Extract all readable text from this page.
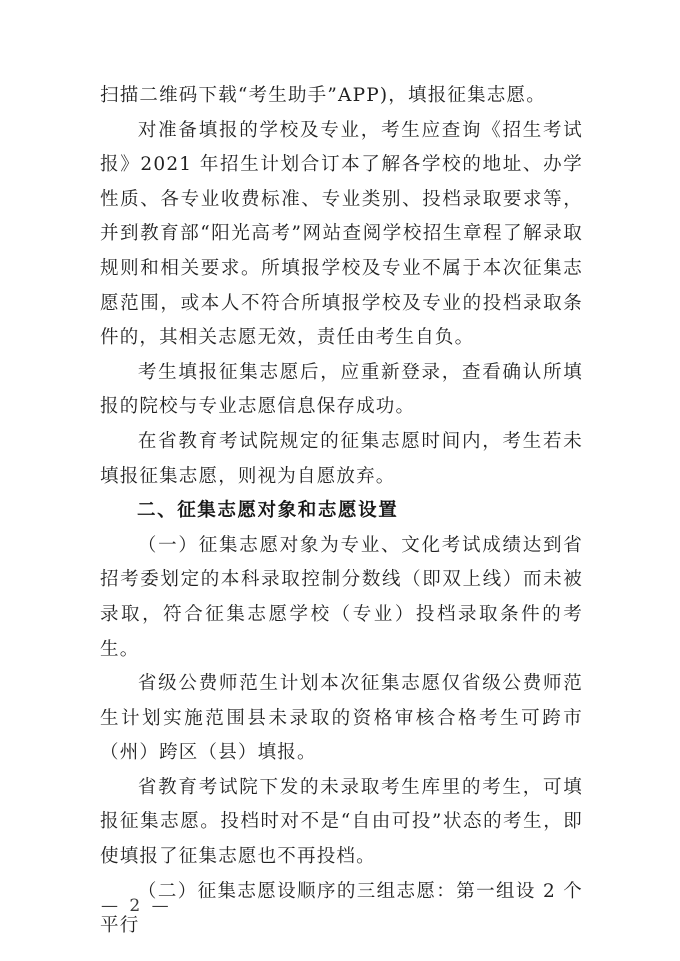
扫描二维码下载“考生助手”APP)，填报征集志愿。

对准备填报的学校及专业，考生应查询《招生考试报》2021 年招生计划合订本了解各学校的地址、办学性质、各专业收费标准、专业类别、投档录取要求等，并到教育部“阳光高考”网站查阅学校招生章程了解录取规则和相关要求。所填报学校及专业不属于本次征集志愿范围，或本人不符合所填报学校及专业的投档录取条件的，其相关志愿无效，责任由考生自负。

考生填报征集志愿后，应重新登录，查看确认所填报的院校与专业志愿信息保存成功。

在省教育考试院规定的征集志愿时间内，考生若未填报征集志愿，则视为自愿放弃。

二、征集志愿对象和志愿设置

（一）征集志愿对象为专业、文化考试成绩达到省招考委划定的本科录取控制分数线（即双上线）而未被录取，符合征集志愿学校（专业）投档录取条件的考生。

省级公费师范生计划本次征集志愿仅省级公费师范生计划实施范围县未录取的资格审核合格考生可跨市（州）跨区（县）填报。

省教育考试院下发的未录取考生库里的考生，可填报征集志愿。投档时对不是“自由可投”状态的考生，即使填报了征集志愿也不再投档。

（二）征集志愿设顺序的三组志愿：第一组设 2 个平行

— 2 —
